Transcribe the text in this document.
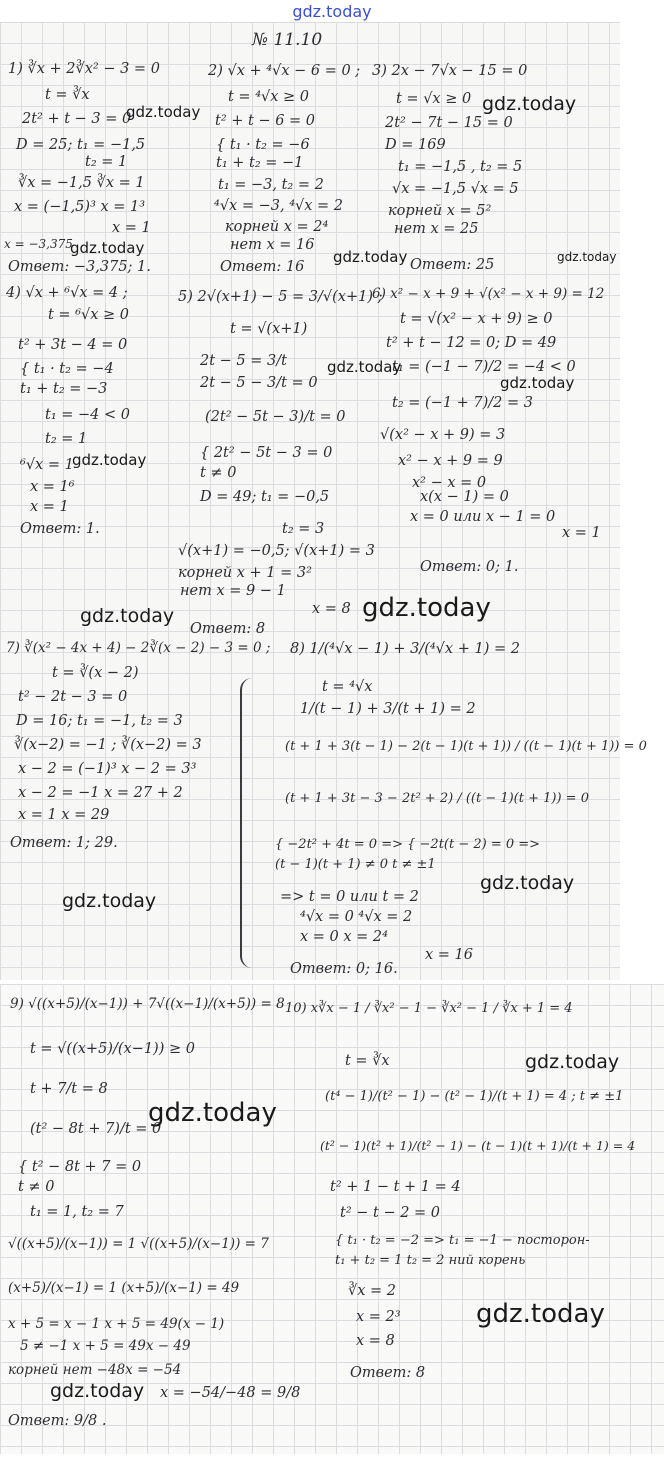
gdz.today
№ 11.10
1) ∛x + 2∛x² − 3 = 0
t = ∛x
2t² + t − 3 = 0
D = 25; t₁ = −1,5
t₂ = 1
∛x = −1,5 ∛x = 1
x = (−1,5)³ x = 1³
x = 1
x = −3,375
Ответ: −3,375; 1.
2) √x + ⁴√x − 6 = 0 ;
t = ⁴√x ≥ 0
t² + t − 6 = 0
{ t₁ · t₂ = −6
t₁ + t₂ = −1
t₁ = −3, t₂ = 2
⁴√x = −3, ⁴√x = 2
корней x = 2⁴
нет x = 16
Ответ: 16
3) 2x − 7√x − 15 = 0
t = √x ≥ 0
2t² − 7t − 15 = 0
D = 169
t₁ = −1,5 , t₂ = 5
√x = −1,5 √x = 5
корней x = 5²
нет x = 25
Ответ: 25
4) √x + ⁶√x = 4 ;
t = ⁶√x ≥ 0
t² + 3t − 4 = 0
{ t₁ · t₂ = −4
t₁ + t₂ = −3
t₁ = −4 < 0
t₂ = 1
⁶√x = 1
x = 1⁶
x = 1
Ответ: 1.
5) 2√(x+1) − 5 = 3/√(x+1) ;
t = √(x+1)
2t − 5 = 3/t
2t − 5 − 3/t = 0
(2t² − 5t − 3)/t = 0
{ 2t² − 5t − 3 = 0
t ≠ 0
D = 49; t₁ = −0,5
t₂ = 3
√(x+1) = −0,5; √(x+1) = 3
корней x + 1 = 3²
нет x = 9 − 1
x = 8
Ответ: 8
6) x² − x + 9 + √(x² − x + 9) = 12
t = √(x² − x + 9) ≥ 0
t² + t − 12 = 0; D = 49
t₁ = (−1 − 7)/2 = −4 < 0
t₂ = (−1 + 7)/2 = 3
√(x² − x + 9) = 3
x² − x + 9 = 9
x² − x = 0
x(x − 1) = 0
x = 0 или x − 1 = 0
x = 1
Ответ: 0; 1.
7) ∛(x² − 4x + 4) − 2∛(x − 2) − 3 = 0 ;
t = ∛(x − 2)
t² − 2t − 3 = 0
D = 16; t₁ = −1, t₂ = 3
∛(x−2) = −1 ; ∛(x−2) = 3
x − 2 = (−1)³ x − 2 = 3³
x − 2 = −1 x = 27 + 2
x = 1 x = 29
Ответ: 1; 29.
8) 1/(⁴√x − 1) + 3/(⁴√x + 1) = 2
t = ⁴√x
1/(t − 1) + 3/(t + 1) = 2
(t + 1 + 3(t − 1) − 2(t − 1)(t + 1)) / ((t − 1)(t + 1)) = 0
(t + 1 + 3t − 3 − 2t² + 2) / ((t − 1)(t + 1)) = 0
{ −2t² + 4t = 0 => { −2t(t − 2) = 0 =>
(t − 1)(t + 1) ≠ 0 t ≠ ±1
=> t = 0 или t = 2
⁴√x = 0 ⁴√x = 2
x = 0 x = 2⁴
x = 16
Ответ: 0; 16.
9) √((x+5)/(x−1)) + 7√((x−1)/(x+5)) = 8
t = √((x+5)/(x−1)) ≥ 0
t + 7/t = 8
(t² − 8t + 7)/t = 0
{ t² − 8t + 7 = 0
t ≠ 0
t₁ = 1, t₂ = 7
√((x+5)/(x−1)) = 1 √((x+5)/(x−1)) = 7
(x+5)/(x−1) = 1 (x+5)/(x−1) = 49
x + 5 = x − 1 x + 5 = 49(x − 1)
5 ≠ −1 x + 5 = 49x − 49
корней нет −48x = −54
x = −54/−48 = 9/8
Ответ: 9/8 .
10) x∛x − 1 / ∛x² − 1 − ∛x² − 1 / ∛x + 1 = 4
t = ∛x
(t⁴ − 1)/(t² − 1) − (t² − 1)/(t + 1) = 4 ; t ≠ ±1
(t² − 1)(t² + 1)/(t² − 1) − (t − 1)(t + 1)/(t + 1) = 4
t² + 1 − t + 1 = 4
t² − t − 2 = 0
{ t₁ · t₂ = −2 => t₁ = −1 − посторон-
t₁ + t₂ = 1 t₂ = 2 ний корень
∛x = 2
x = 2³
x = 8
Ответ: 8
gdz.today	gdz.today
gdz.today	gdz.today	gdz.today
gdz.today
gdz.today
gdz.today
gdz.today	gdz.today
gdz.today
gdz.today
gdz.today
gdz.today
gdz.today
gdz.today
